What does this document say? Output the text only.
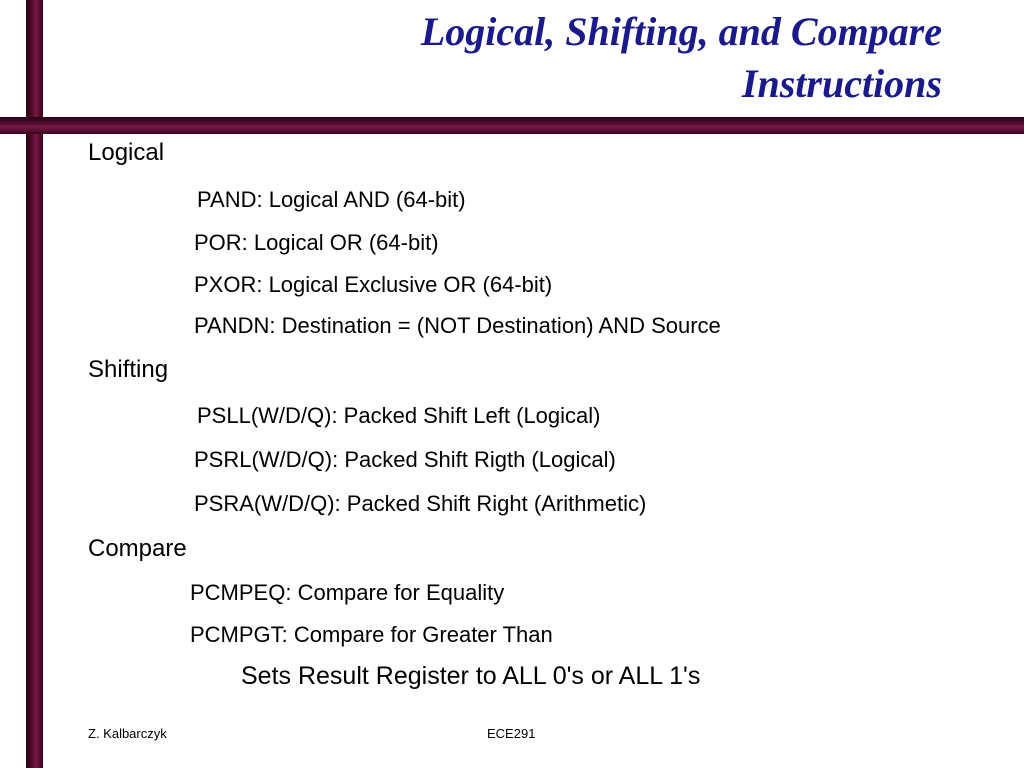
Logical, Shifting, and Compare
Instructions
Logical
PAND: Logical AND (64-bit)
POR: Logical OR (64-bit)
PXOR: Logical Exclusive OR (64-bit)
PANDN: Destination = (NOT Destination) AND Source
Shifting
PSLL(W/D/Q): Packed Shift Left (Logical)
PSRL(W/D/Q): Packed Shift Rigth (Logical)
PSRA(W/D/Q): Packed Shift Right (Arithmetic)
Compare
PCMPEQ: Compare for Equality
PCMPGT: Compare for Greater Than
Sets Result Register to ALL 0's or ALL 1's
Z. Kalbarczyk	ECE291
